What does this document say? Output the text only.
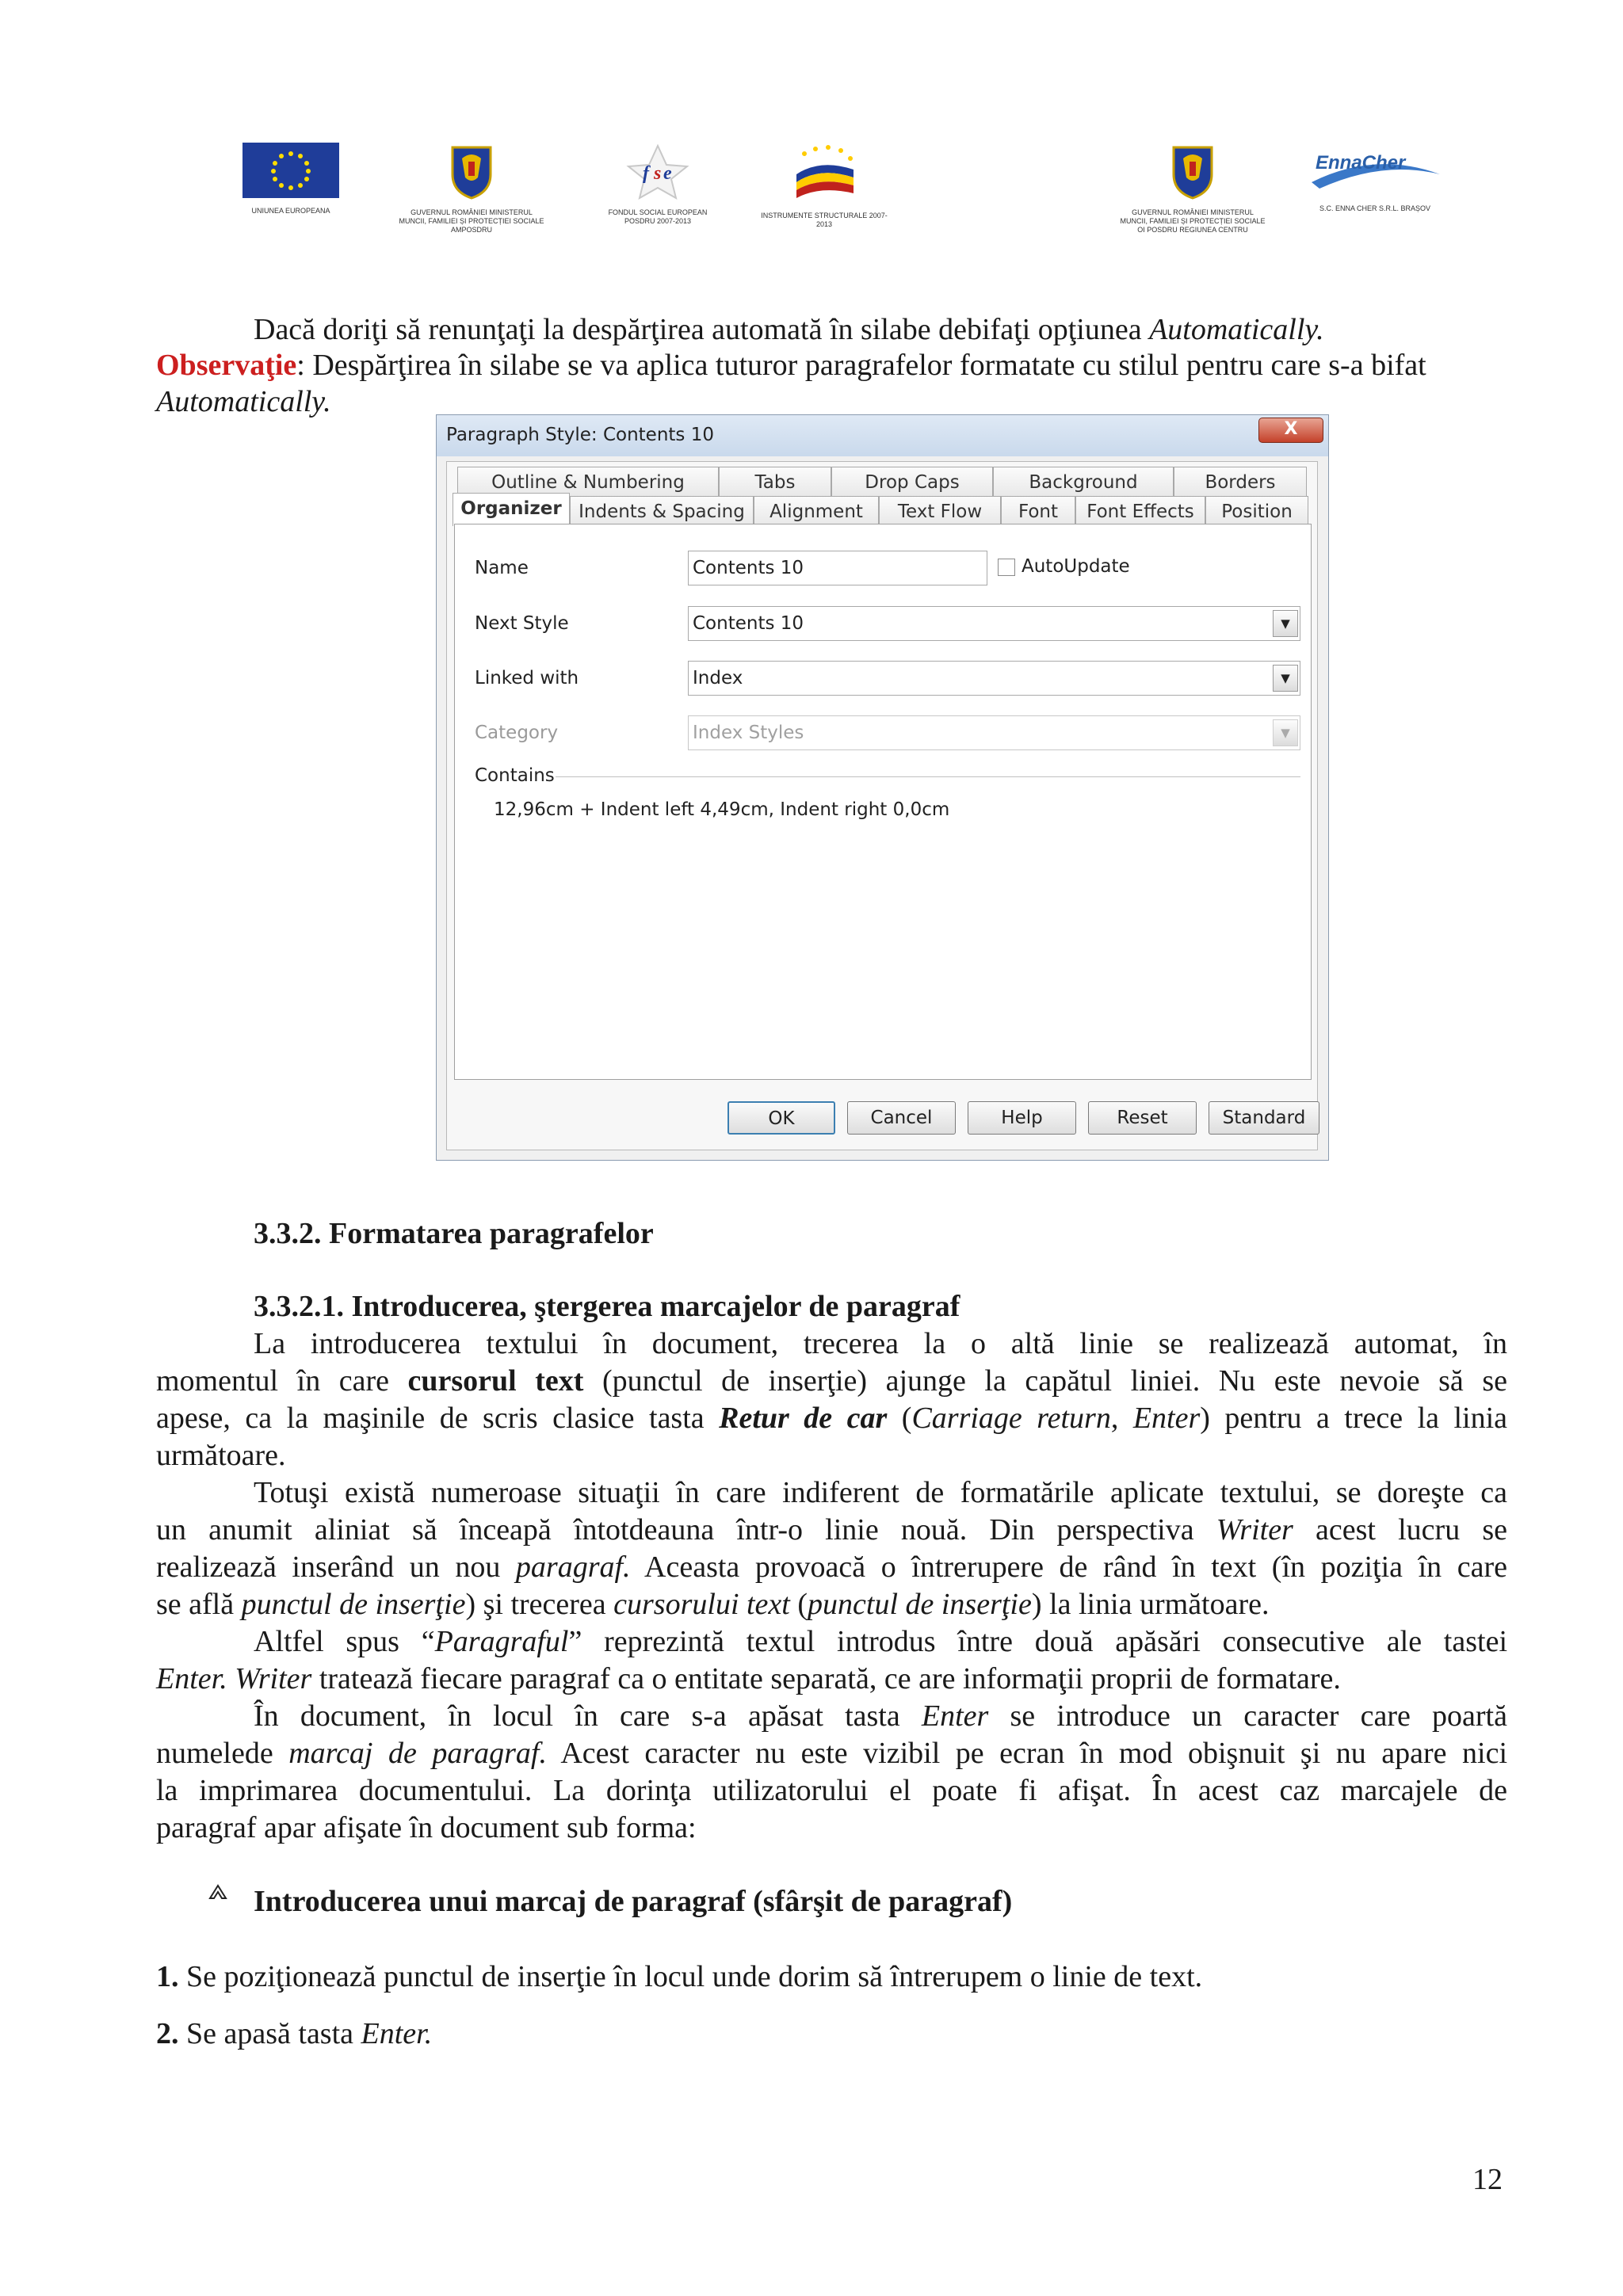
UNIUNEA EUROPEANA	GUVERNUL ROMÂNIEI MINISTERUL MUNCII, FAMILIEI ȘI PROTECȚIEI SOCIALE AMPOSDRU
f s e
FONDUL SOCIAL EUROPEAN POSDRU 2007-2013
INSTRUMENTE STRUCTURALE 2007-2013
GUVERNUL ROMÂNIEI MINISTERUL MUNCII, FAMILIEI ȘI PROTECȚIEI SOCIALE OI POSDRU REGIUNEA CENTRU
EnnaCher
S.C. ENNA CHER S.R.L. BRAȘOV
Dacă doriţi să renunţaţi la despărţirea automată în silabe debifaţi opţiunea Automatically.
Observaţie: Despărţirea în silabe se va aplica tuturor paragrafelor formatate cu stilul pentru care s-a bifat
Automatically.
Paragraph Style: Contents 10	X
Outline & Numbering	Tabs	Drop Caps	Background	Borders
Organizer Indents & Spacing	Alignment	Text Flow	Font	Font Effects	Position
Name	Contents 10	AutoUpdate
Next Style	Contents 10	▼
Linked with	Index	▼
Category	Index Styles	▼
Contains
12,96cm + Indent left 4,49cm, Indent right 0,0cm
OK	Cancel	Help	Reset	Standard
3.3.2. Formatarea paragrafelor
3.3.2.1. Introducerea, ştergerea marcajelor de paragraf
La introducerea textului în document, trecerea la o altă linie se realizează automat, în
momentul în care cursorul text (punctul de inserţie) ajunge la capătul liniei. Nu este nevoie să se
apese, ca la maşinile de scris clasice tasta Retur de car (Carriage return, Enter) pentru a trece la linia
următoare.
Totuşi există numeroase situaţii în care indiferent de formatările aplicate textului, se doreşte ca
un anumit aliniat să înceapă întotdeauna într-o linie nouă. Din perspectiva Writer acest lucru se
realizează inserând un nou paragraf. Aceasta provoacă o întrerupere de rând în text (în poziţia în care
se află punctul de inserţie) şi trecerea cursorului text (punctul de inserţie) la linia următoare.
Altfel spus “Paragraful” reprezintă textul introdus între două apăsări consecutive ale tastei
Enter. Writer tratează fiecare paragraf ca o entitate separată, ce are informaţii proprii de formatare.
În document, în locul în care s-a apăsat tasta Enter se introduce un caracter care poartă
numelede marcaj de paragraf. Acest caracter nu este vizibil pe ecran în mod obişnuit şi nu apare nici
la imprimarea documentului. La dorinţa utilizatorului el poate fi afişat. În acest caz marcajele de
paragraf apar afişate în document sub forma:
Introducerea unui marcaj de paragraf (sfârşit de paragraf)
1. Se poziţionează punctul de inserţie în locul unde dorim să întrerupem o linie de text.
2. Se apasă tasta Enter.
12
